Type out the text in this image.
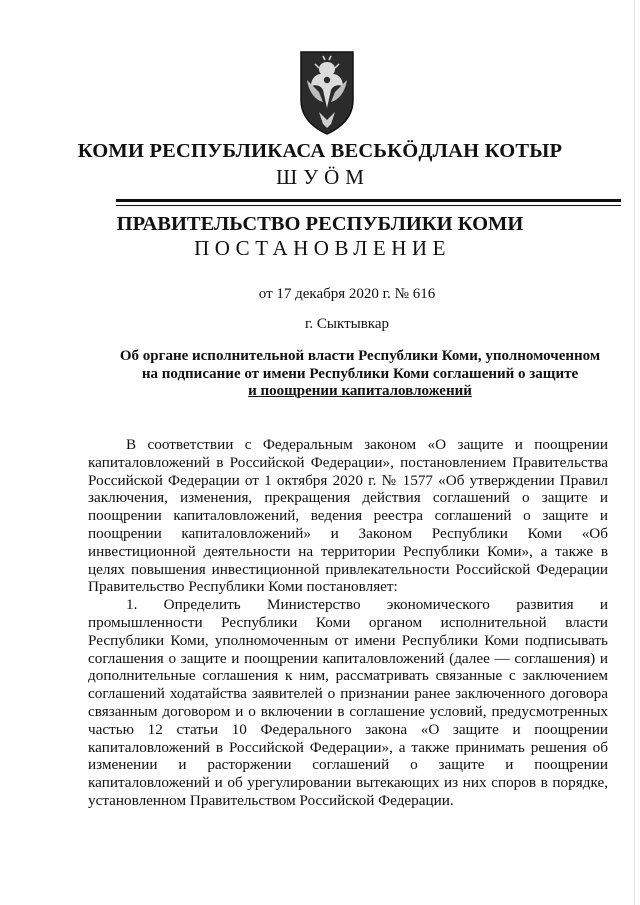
КОМИ РЕСПУБЛИКАСА ВЕСЬКӦДЛАН КОТЫР
ШУӦМ
ПРАВИТЕЛЬСТВО РЕСПУБЛИКИ КОМИ
ПОСТАНОВЛЕНИЕ
от 17 декабря 2020 г. № 616
г. Сыктывкар
Об органе исполнительной власти Республики Коми, уполномоченном
на подписание от имени Республики Коми соглашений о защите
и поощрении капиталовложений

В соответствии с Федеральным законом «О защите и поощрении капиталовложений в Российской Федерации», постановлением Правительства Российской Федерации от 1 октября 2020 г. № 1577 «Об утверждении Правил заключения, изменения, прекращения действия соглашений о защите и поощрении капиталовложений, ведения реестра соглашений о защите и поощрении капиталовложений» и Законом Республики Коми «Об инвестиционной деятельности на территории Республики Коми», а также в целях повышения инвестиционной привлекательности Российской Федерации Правительство Республики Коми постановляет:

1. Определить Министерство экономического развития и промышленности Республики Коми органом исполнительной власти Республики Коми, уполномоченным от имени Республики Коми подписывать соглашения о защите и поощрении капиталовложений (далее — соглашения) и дополнительные соглашения к ним, рассматривать связанные с заключением соглашений ходатайства заявителей о признании ранее заключенного договора связанным договором и о включении в соглашение условий, предусмотренных частью 12 статьи 10 Федерального закона «О защите и поощрении капиталовложений в Российской Федерации», а также принимать решения об изменении и расторжении соглашений о защите и поощрении капиталовложений и об урегулировании вытекающих из них споров в порядке, установленном Правительством Российской Федерации.
